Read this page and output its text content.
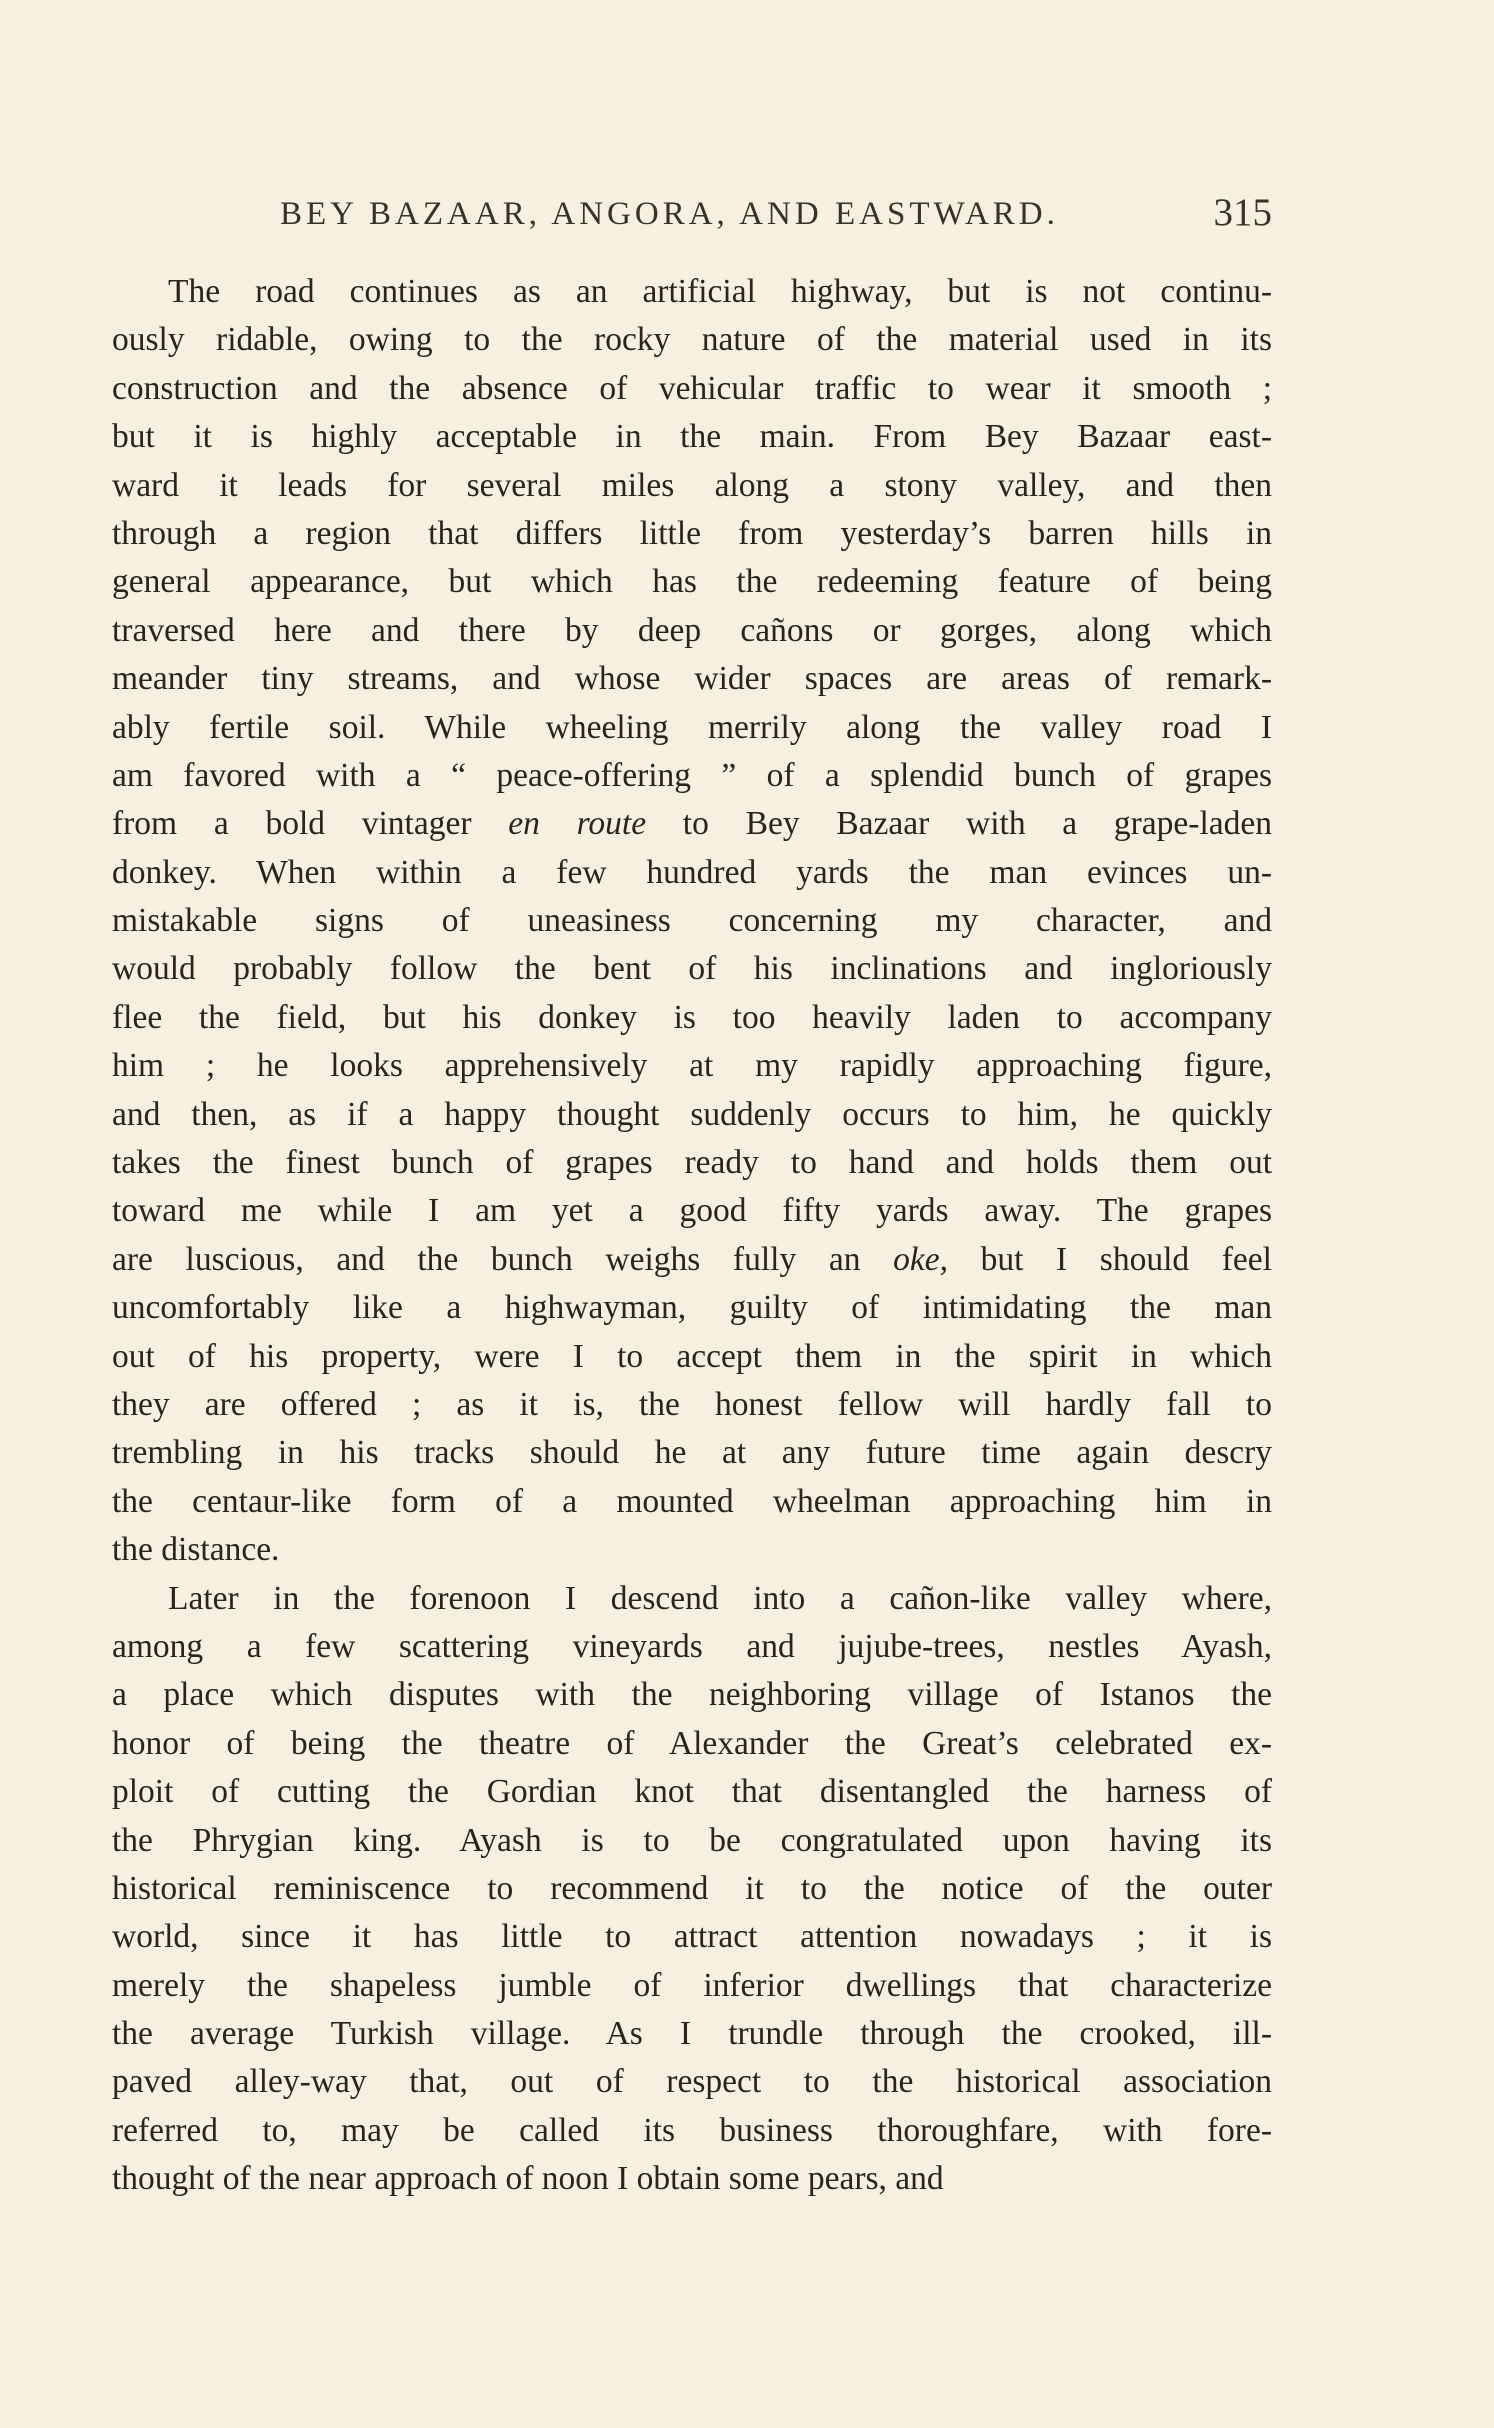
BEY BAZAAR, ANGORA, AND EASTWARD.	315
The road continues as an artificial highway, but is not continu-
ously ridable, owing to the rocky nature of the material used in its
construction and the absence of vehicular traffic to wear it smooth ;
but it is highly acceptable in the main. From Bey Bazaar east-
ward it leads for several miles along a stony valley, and then
through a region that differs little from yesterday’s barren hills in
general appearance, but which has the redeeming feature of being
traversed here and there by deep cañons or gorges, along which
meander tiny streams, and whose wider spaces are areas of remark-
ably fertile soil. While wheeling merrily along the valley road I
am favored with a “ peace-offering ” of a splendid bunch of grapes
from a bold vintager en route to Bey Bazaar with a grape-laden
donkey. When within a few hundred yards the man evinces un-
mistakable signs of uneasiness concerning my character, and
would probably follow the bent of his inclinations and ingloriously
flee the field, but his donkey is too heavily laden to accompany
him ; he looks apprehensively at my rapidly approaching figure,
and then, as if a happy thought suddenly occurs to him, he quickly
takes the finest bunch of grapes ready to hand and holds them out
toward me while I am yet a good fifty yards away. The grapes
are luscious, and the bunch weighs fully an oke, but I should feel
uncomfortably like a highwayman, guilty of intimidating the man
out of his property, were I to accept them in the spirit in which
they are offered ; as it is, the honest fellow will hardly fall to
trembling in his tracks should he at any future time again descry
the centaur-like form of a mounted wheelman approaching him in
the distance.
Later in the forenoon I descend into a cañon-like valley where,
among a few scattering vineyards and jujube-trees, nestles Ayash,
a place which disputes with the neighboring village of Istanos the
honor of being the theatre of Alexander the Great’s celebrated ex-
ploit of cutting the Gordian knot that disentangled the harness of
the Phrygian king. Ayash is to be congratulated upon having its
historical reminiscence to recommend it to the notice of the outer
world, since it has little to attract attention nowadays ; it is
merely the shapeless jumble of inferior dwellings that characterize
the average Turkish village. As I trundle through the crooked, ill-
paved alley-way that, out of respect to the historical association
referred to, may be called its business thoroughfare, with fore-
thought of the near approach of noon I obtain some pears, and
